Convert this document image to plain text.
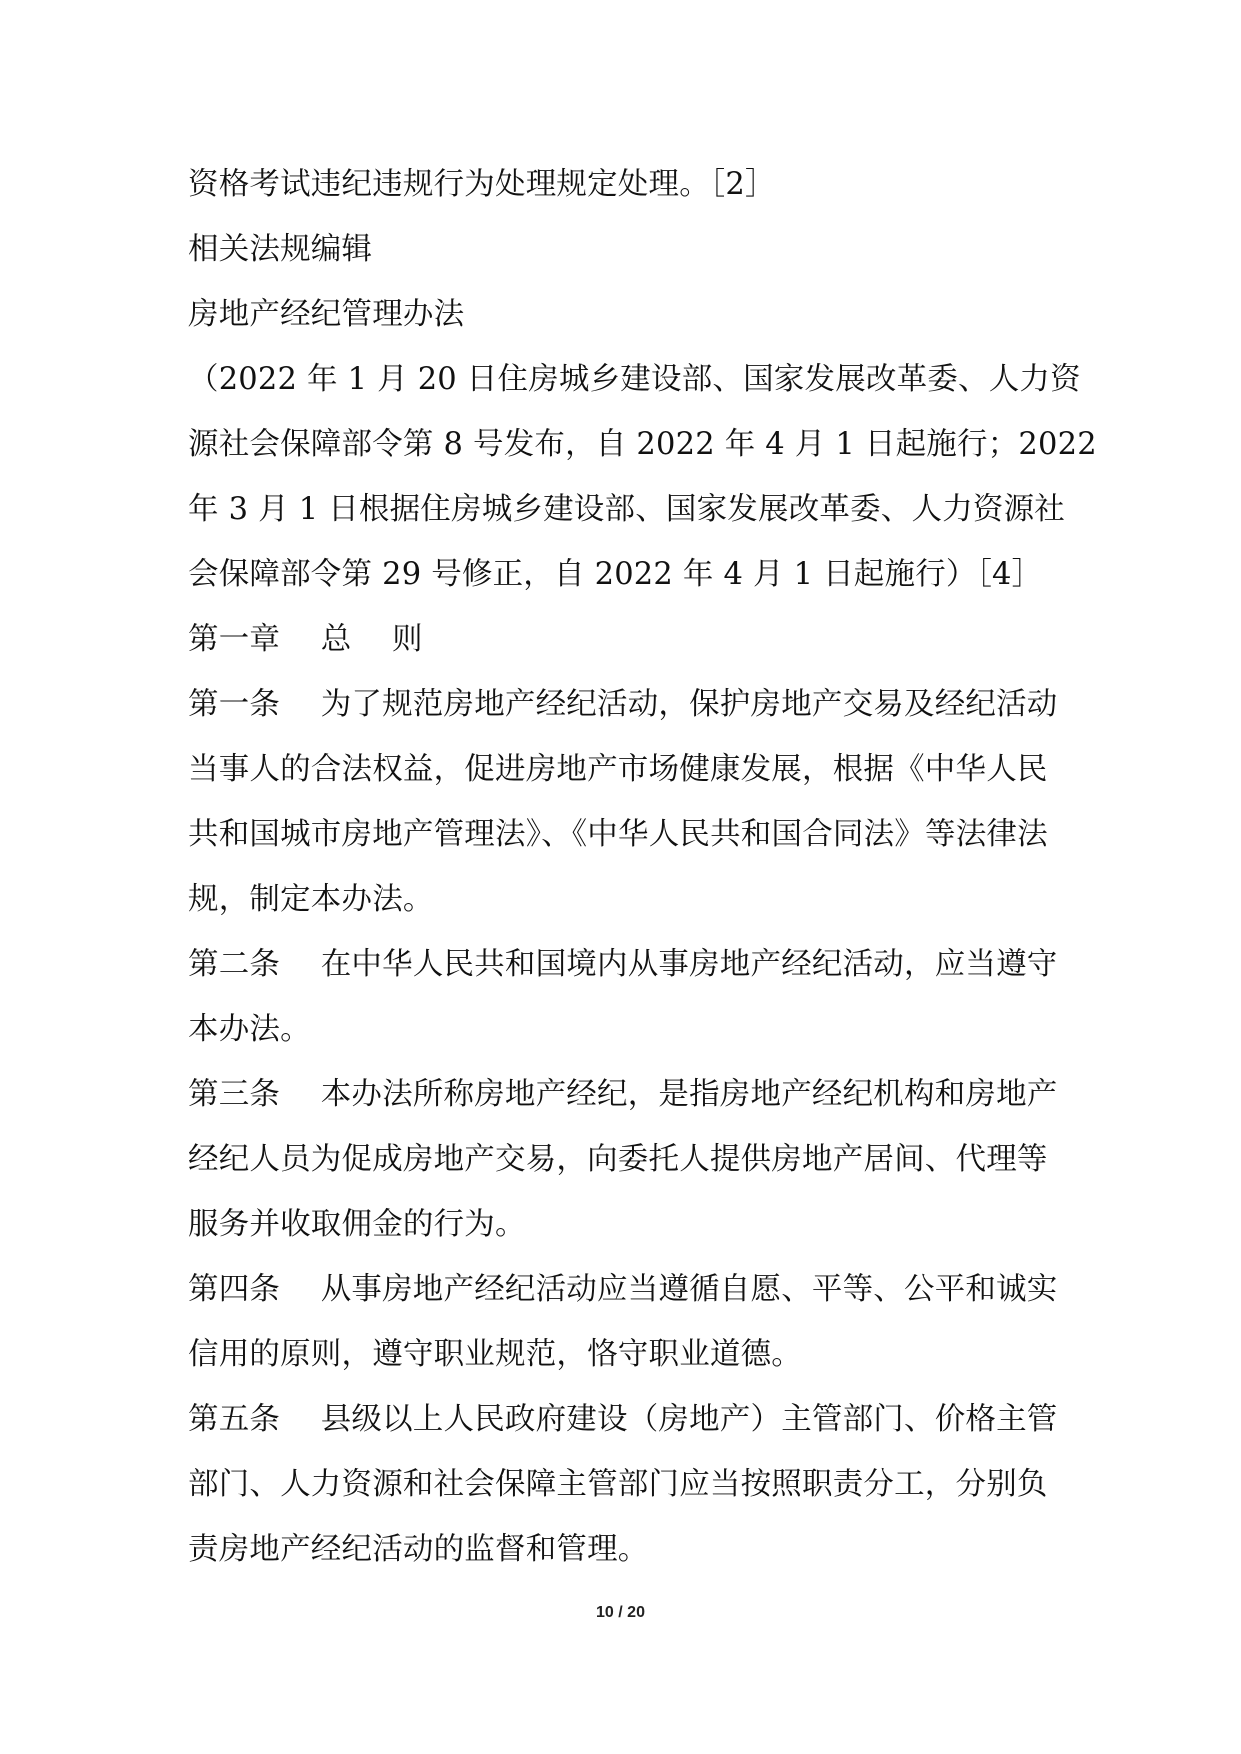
资格考试违纪违规行为处理规定处理。［2］
相关法规编辑
房地产经纪管理办法
（2022 年 1 月 20 日住房城乡建设部、国家发展改革委、人力资
源社会保障部令第 8 号发布，自 2022 年 4 月 1 日起施行；2022
年 3 月 1 日根据住房城乡建设部、国家发展改革委、人力资源社
会保障部令第 29 号修正，自 2022 年 4 月 1 日起施行）［4］
第一章　 总　 则
第一条　 为了规范房地产经纪活动，保护房地产交易及经纪活动
当事人的合法权益，促进房地产市场健康发展，根据《中华人民
共和国城市房地产管理法》、《中华人民共和国合同法》等法律法
规，制定本办法。
第二条　 在中华人民共和国境内从事房地产经纪活动，应当遵守
本办法。
第三条　 本办法所称房地产经纪，是指房地产经纪机构和房地产
经纪人员为促成房地产交易，向委托人提供房地产居间、代理等
服务并收取佣金的行为。
第四条　 从事房地产经纪活动应当遵循自愿、平等、公平和诚实
信用的原则，遵守职业规范，恪守职业道德。
第五条　 县级以上人民政府建设（房地产）主管部门、价格主管
部门、人力资源和社会保障主管部门应当按照职责分工，分别负
责房地产经纪活动的监督和管理。
10 / 20
